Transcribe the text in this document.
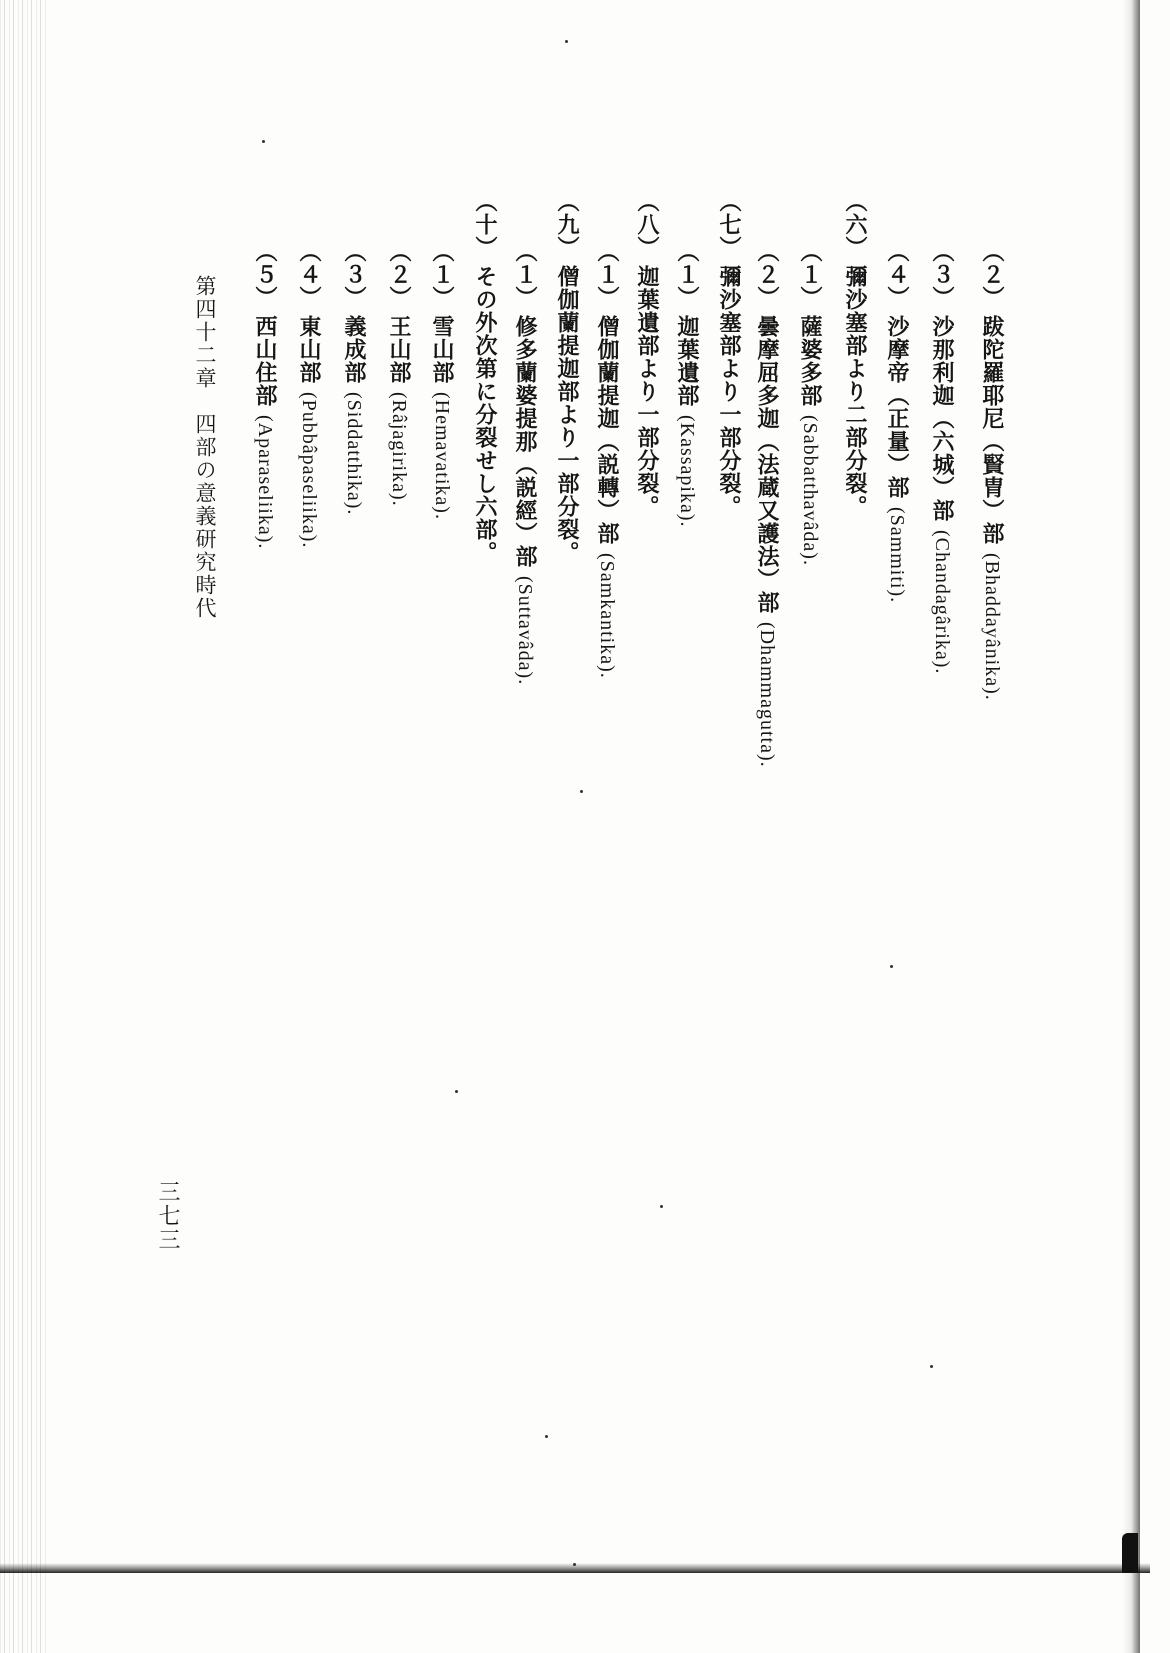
（２）跋陀羅耶尼（賢胄）部 (Bhaddayânika).
（３）沙那利迦（六城）部 (Chandagârika).
（４）沙摩帝（正量）部 (Sammiti).
（六）彌沙塞部より二部分裂。
（１）薩婆多部 (Sabbatthavâda).
（２）曇摩屈多迦（法蔵又護法）部 (Dhammagutta).
（七）彌沙塞部より一部分裂。
（１）迦葉遺部 (Kassapika).
（八）迦葉遺部より一部分裂。
（１）僧伽蘭提迦（説轉）部 (Samkantika).
（九）僧伽蘭提迦部より一部分裂。
（１）修多蘭婆提那（説經）部 (Suttavâda).
（十）その外次第に分裂せし六部。
（１）雪山部 (Hemavatika).
（２）王山部 (Râjagirika).
（３）義成部 (Siddatthika).
（４）東山部 (Pubbâpaseliika).
（５）西山住部 (Aparaseliika).
第四十二章　四部の意義研究時代
三七三
